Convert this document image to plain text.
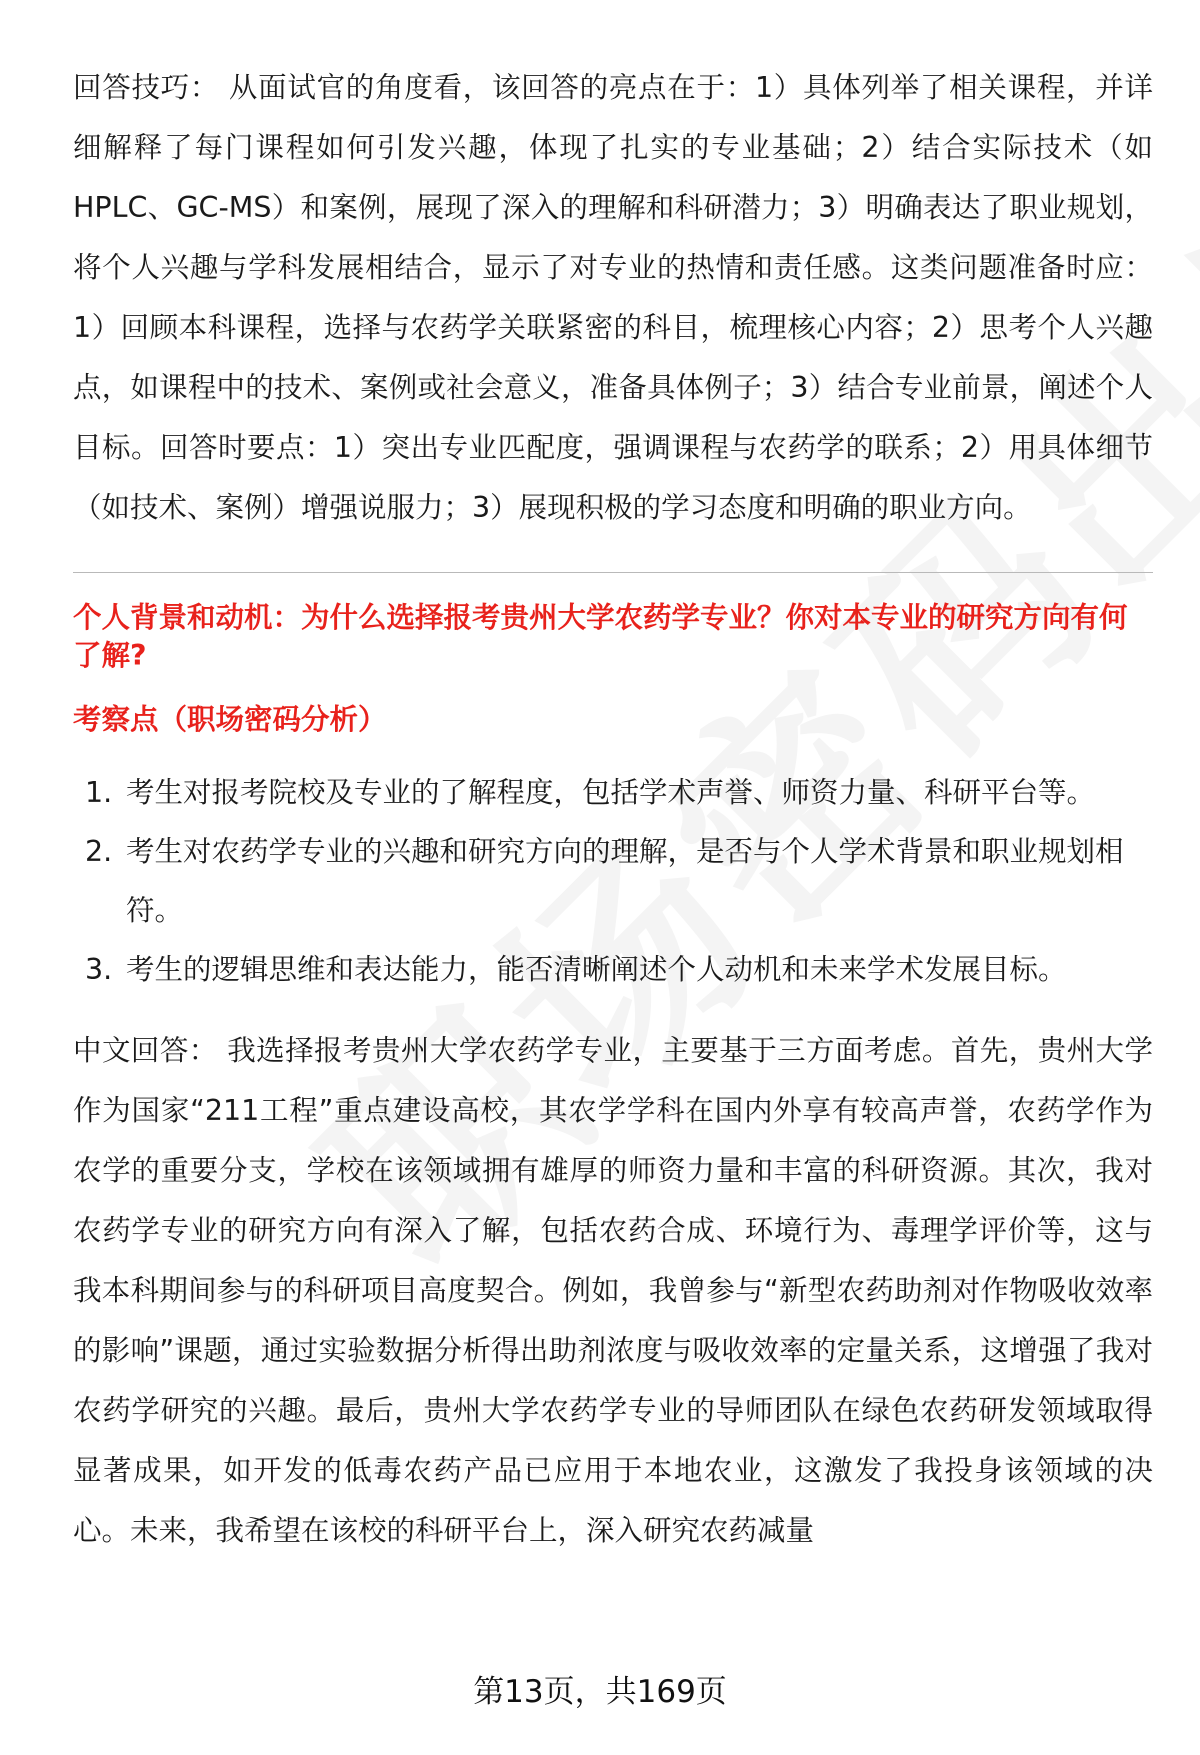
回答技巧： 从面试官的角度看，该回答的亮点在于：1）具体列举了相关课程，并详细解释了每门课程如何引发兴趣，体现了扎实的专业基础；2）结合实际技术（如HPLC、GC-MS）和案例，展现了深入的理解和科研潜力；3）明确表达了职业规划，将个人兴趣与学科发展相结合，显示了对专业的热情和责任感。这类问题准备时应：1）回顾本科课程，选择与农药学关联紧密的科目，梳理核心内容；2）思考个人兴趣点，如课程中的技术、案例或社会意义，准备具体例子；3）结合专业前景，阐述个人目标。回答时要点：1）突出专业匹配度，强调课程与农药学的联系；2）用具体细节（如技术、案例）增强说服力；3）展现积极的学习态度和明确的职业方向。

个人背景和动机：为什么选择报考贵州大学农药学专业？你对本专业的研究方向有何了解?

考察点（职场密码分析）

1. 考生对报考院校及专业的了解程度，包括学术声誉、师资力量、科研平台等。
2. 考生对农药学专业的兴趣和研究方向的理解，是否与个人学术背景和职业规划相符。
3. 考生的逻辑思维和表达能力，能否清晰阐述个人动机和未来学术发展目标。

中文回答： 我选择报考贵州大学农药学专业，主要基于三方面考虑。首先，贵州大学作为国家“211工程”重点建设高校，其农学学科在国内外享有较高声誉，农药学作为农学的重要分支，学校在该领域拥有雄厚的师资力量和丰富的科研资源。其次，我对农药学专业的研究方向有深入了解，包括农药合成、环境行为、毒理学评价等，这与我本科期间参与的科研项目高度契合。例如，我曾参与“新型农药助剂对作物吸收效率的影响”课题，通过实验数据分析得出助剂浓度与吸收效率的定量关系，这增强了我对农药学研究的兴趣。最后，贵州大学农药学专业的导师团队在绿色农药研发领域取得显著成果，如开发的低毒农药产品已应用于本地农业，这激发了我投身该领域的决心。未来，我希望在该校的科研平台上，深入研究农药减量

第13页，共169页
